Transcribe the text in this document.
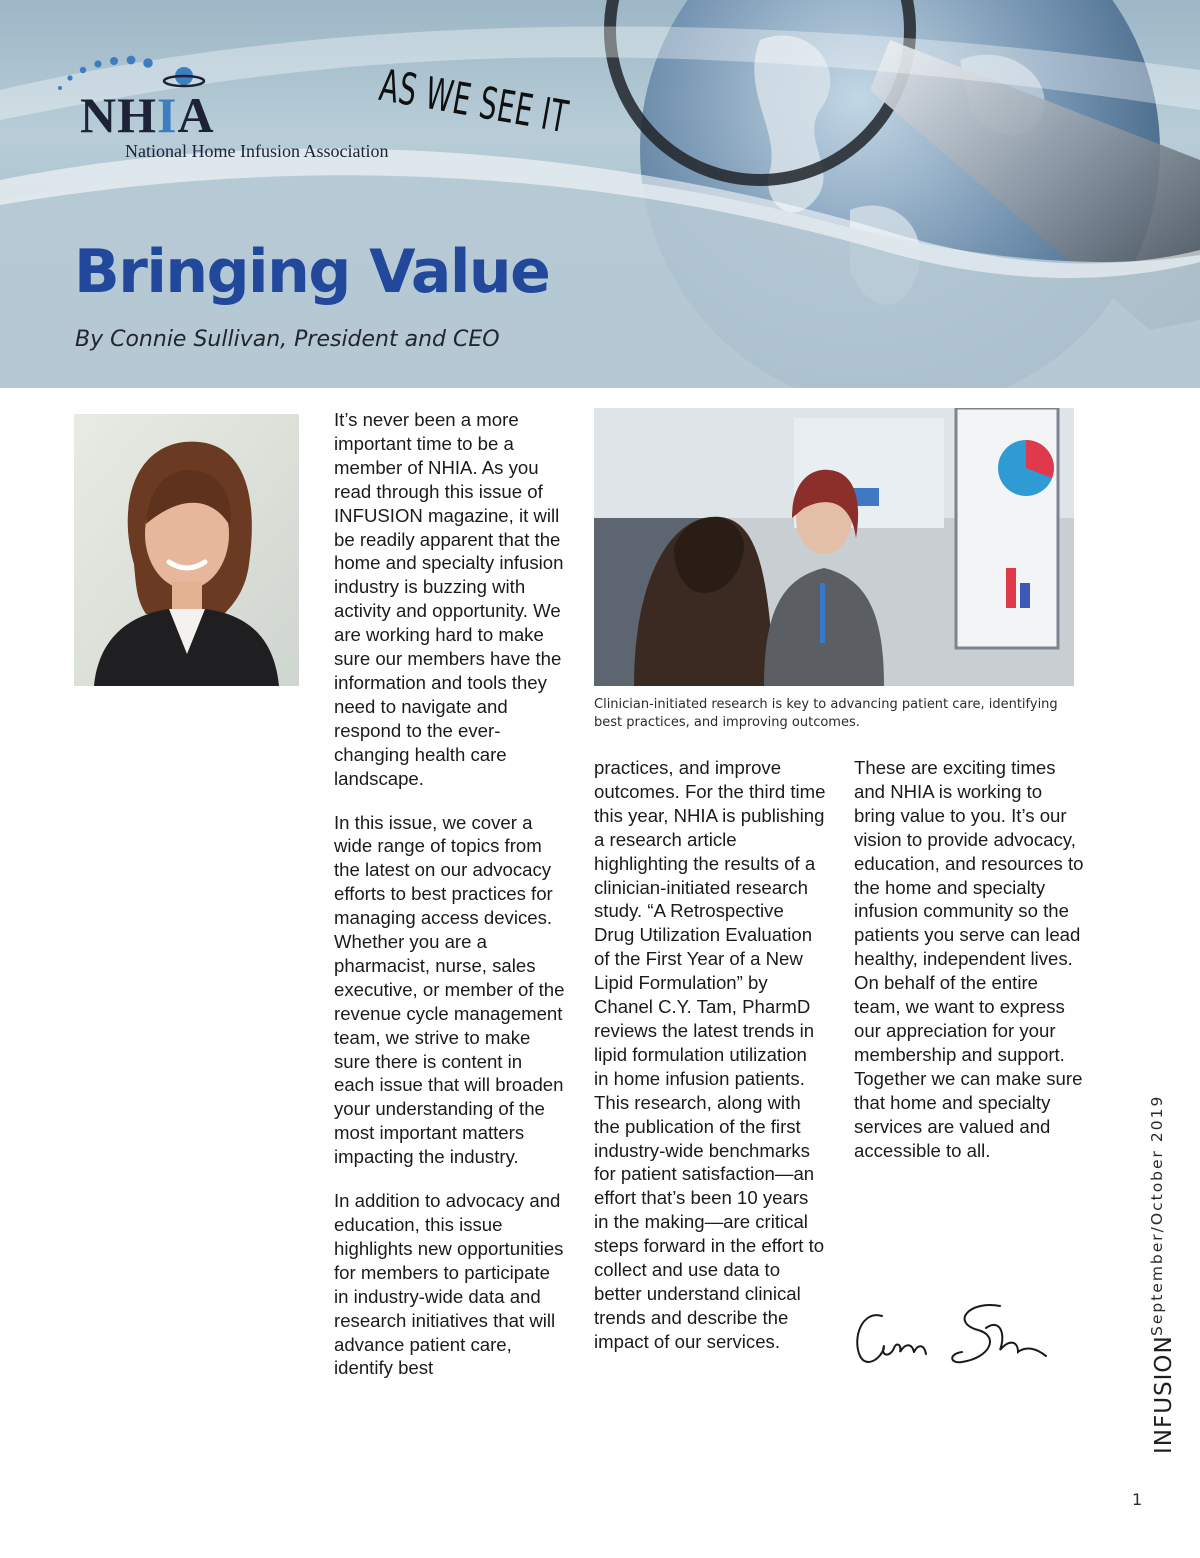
NHIA
National Home Infusion Association
AS WE SEE IT
Bringing Value

By Connie Sullivan, President and CEO

It’s never been a more important time to be a member of NHIA. As you read through this issue of INFUSION magazine, it will be readily apparent that the home and specialty infusion industry is buzzing with activity and opportunity. We are working hard to make sure our members have the information and tools they need to navigate and respond to the ever-changing health care landscape.

In this issue, we cover a wide range of topics from the latest on our advocacy efforts to best practices for managing access devices. Whether you are a pharmacist, nurse, sales executive, or member of the revenue cycle management team, we strive to make sure there is content in each issue that will broaden your understanding of the most important matters impacting the industry.

In addition to advocacy and education, this issue highlights new opportunities for members to participate in industry-wide data and research initiatives that will advance patient care, identify best

Clinician-initiated research is key to advancing patient care, identifying best practices, and improving outcomes.

practices, and improve outcomes. For the third time this year, NHIA is publishing a research article highlighting the results of a clinician-initiated research study. “A Retrospective Drug Utilization Evaluation of the First Year of a New Lipid Formulation” by Chanel C.Y. Tam, PharmD reviews the latest trends in lipid formulation utilization in home infusion patients. This research, along with the publication of the first industry-wide benchmarks for patient satisfaction—an effort that’s been 10 years in the making—are critical steps forward in the effort to collect and use data to better understand clinical trends and describe the impact of our services.

These are exciting times and NHIA is working to bring value to you. It’s our vision to provide advocacy, education, and resources to the home and specialty infusion community so the patients you serve can lead healthy, independent lives. On behalf of the entire team, we want to express our appreciation for your membership and support. Together we can make sure that home and specialty services are valued and accessible to all.	September/October 2019
INFUSION
1
